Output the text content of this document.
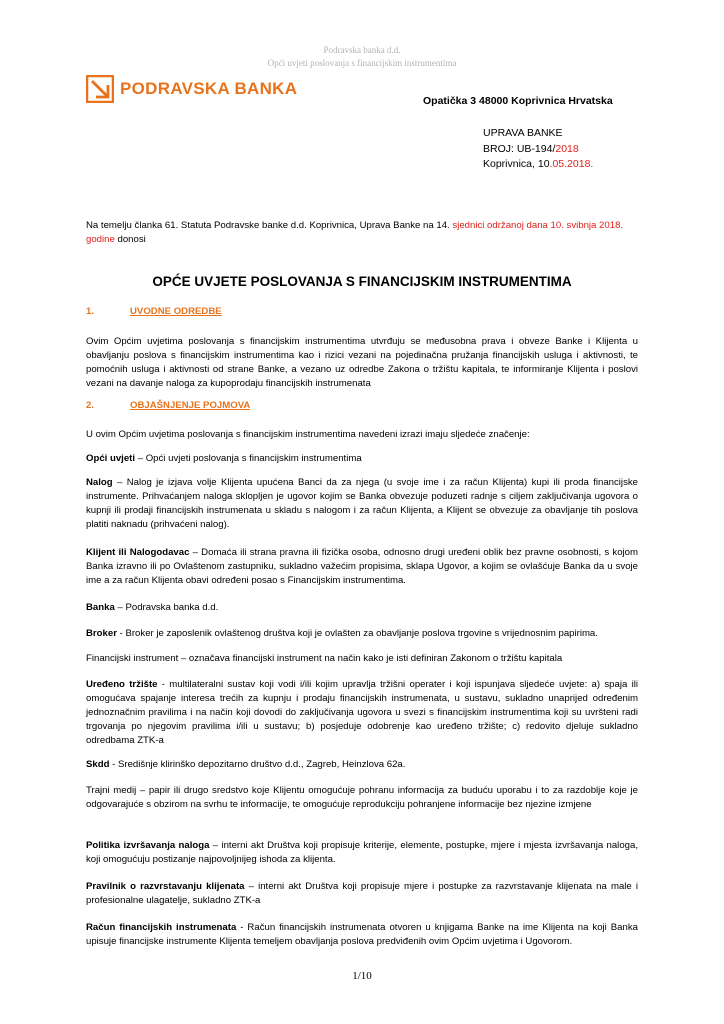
Podravska banka d.d.
Opći uvjeti poslovanja s financijskim instrumentima
PODRAVSKA BANKA
Opatička 3 48000 Koprivnica Hrvatska
UPRAVA BANKE
BROJ: UB-194/2018
Koprivnica, 10.05.2018.
Na temelju članka 61. Statuta Podravske banke d.d. Koprivnica, Uprava Banke na 14. sjednici održanoj dana 10. svibnja 2018. godine donosi
OPĆE UVJETE POSLOVANJA S FINANCIJSKIM INSTRUMENTIMA
1.	UVODNE ODREDBE
Ovim Općim uvjetima poslovanja s financijskim instrumentima utvrđuju se međusobna prava i obveze Banke i Klijenta u obavljanju poslova s financijskim instrumentima kao i rizici vezani na pojedinačna pružanja financijskih usluga i aktivnosti, te pomoćnih usluga i aktivnosti od strane Banke, a vezano uz odredbe Zakona o tržištu kapitala, te informiranje Klijenta i poslovi vezani na davanje naloga za kupoprodaju financijskih instrumenata
2.	OBJAŠNJENJE POJMOVA
U ovim Općim uvjetima poslovanja s financijskim instrumentima navedeni izrazi imaju sljedeće značenje:
Opći uvjeti – Opći uvjeti poslovanja s financijskim instrumentima
Nalog – Nalog je izjava volje Klijenta upućena Banci da za njega (u svoje ime i za račun Klijenta) kupi ili proda financijske instrumente. Prihvaćanjem naloga sklopljen je ugovor kojim se Banka obvezuje poduzeti radnje s ciljem zaključivanja ugovora o kupnji ili prodaji financijskih instrumenata u skladu s nalogom i za račun Klijenta, a Klijent se obvezuje za obavljanje tih poslova platiti naknadu (prihvaćeni nalog).
Klijent ili Nalogodavac – Domaća ili strana pravna ili fizička osoba, odnosno drugi uređeni oblik bez pravne osobnosti, s kojom Banka izravno ili po Ovlaštenom zastupniku, sukladno važećim propisima, sklapa Ugovor, a kojim se ovlašćuje Banka da u svoje ime a za račun Klijenta obavi određeni posao s Financijskim instrumentima.
Banka – Podravska banka d.d.
Broker - Broker je zaposlenik ovlaštenog društva koji je ovlašten za obavljanje poslova trgovine s vrijednosnim papirima.
Financijski instrument – označava financijski instrument na način kako je isti definiran Zakonom o tržištu kapitala
Uređeno tržište - multilateralni sustav koji vodi i/ili kojim upravlja tržišni operater i koji ispunjava sljedeće uvjete: a) spaja ili omogućava spajanje interesa trećih za kupnju i prodaju financijskih instrumenata, u sustavu, sukladno unaprijed određenim jednoznačnim pravilima i na način koji dovodi do zaključivanja ugovora u svezi s financijskim instrumentima koji su uvršteni radi trgovanja po njegovim pravilima i/ili u sustavu; b) posjeduje odobrenje kao uređeno tržište; c) redovito djeluje sukladno odredbama ZTK-a
Skdd - Središnje klirinško depozitarno društvo d.d., Zagreb, Heinzlova 62a.
Trajni medij – papir ili drugo sredstvo koje Klijentu omogućuje pohranu informacija za buduću uporabu i to za razdoblje koje je odgovarajuće s obzirom na svrhu te informacije, te omogućuje reprodukciju pohranjene informacije bez njezine izmjene
Politika izvršavanja naloga – interni akt Društva koji propisuje kriterije, elemente, postupke, mjere i mjesta izvršavanja naloga, koji omogućuju postizanje najpovoljnijeg ishoda za klijenta.
Pravilnik o razvrstavanju klijenata – interni akt Društva koji propisuje mjere i postupke za razvrstavanje klijenata na male i profesionalne ulagatelje, sukladno ZTK-a
Račun financijskih instrumenata - Račun financijskih instrumenata otvoren u knjigama Banke na ime Klijenta na koji Banka upisuje financijske instrumente Klijenta temeljem obavljanja poslova predviđenih ovim Općim uvjetima i Ugovorom.
1/10
